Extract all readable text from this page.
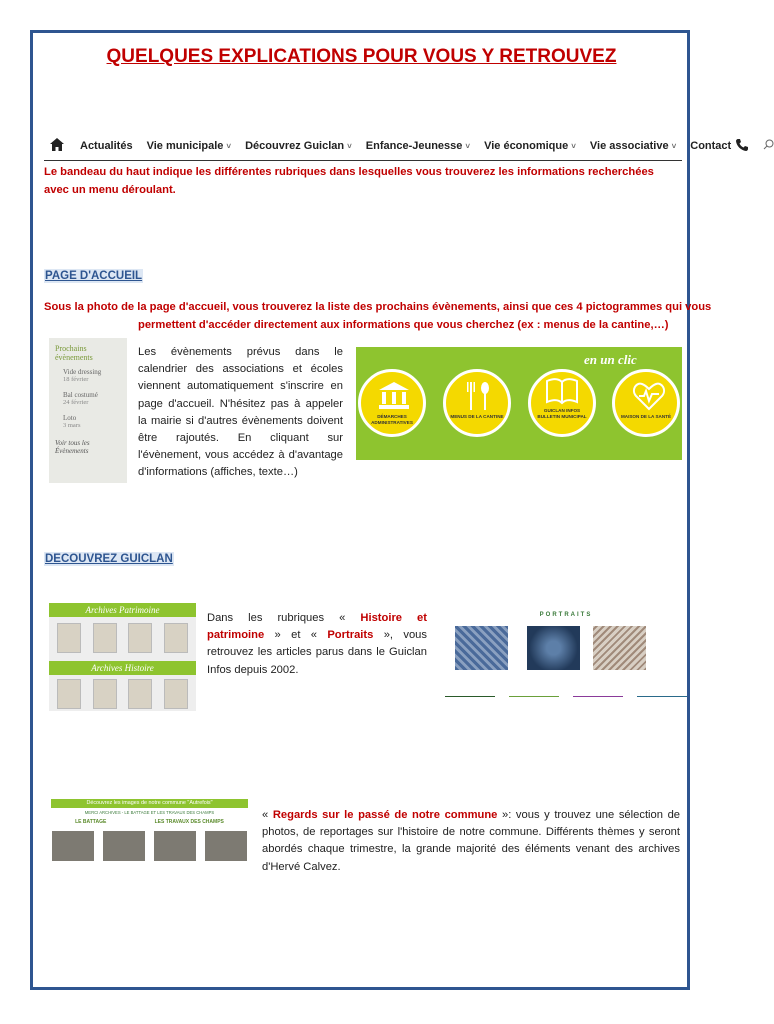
QUELQUES EXPLICATIONS POUR VOUS Y RETROUVEZ
Actualités Vie municipale ˅ Découvrez Guiclan ˅ Enfance-Jeunesse ˅ Vie économique ˅ Vie associative ˅ Contact
Le bandeau du haut indique les différentes rubriques dans lesquelles vous trouverez les informations recherchées avec un menu déroulant.
PAGE D'ACCUEIL
Sous la photo de la page d'accueil, vous trouverez la liste des prochains évènements, ainsi que ces 4 pictogrammes qui vous
permettent d'accéder directement aux informations que vous cherchez (ex : menus de la cantine,…)
Prochains évènements
Vide dressing
18 février
Bal costumé
24 février
Loto
3 mars
Voir tous les Évènements
Les évènements prévus dans le calendrier des associations et écoles viennent automatiquement s'inscrire en page d'accueil. N'hésitez pas à appeler la mairie si d'autres évènements doivent être rajoutés. En cliquant sur l'évènement, vous accédez à d'avantage d'informations (affiches, texte…)
en un clic
DÉMARCHES ADMINISTRATIVES
MENUS DE LA CANTINE
GUICLAN INFOS BULLETIN MUNICIPAL	MAISON DE LA SANTÉ
DECOUVREZ GUICLAN
Archives Patrimoine
Archives Histoire
Dans les rubriques « Histoire et patrimoine » et « Portraits », vous retrouvez les articles parus dans le Guiclan Infos depuis 2002.
PORTRAITS

Découvrez les images de notre commune "Autrefois"
MERCI ARCHIVES - LE BATTAGE ET LES TRAVAUX DES CHAMPS
LE BATTAGE	LES TRAVAUX DES CHAMPS
« Regards sur le passé de notre commune »: vous y trouvez une sélection de photos, de reportages sur l'histoire de notre commune. Différents thèmes y seront abordés chaque trimestre, la grande majorité des éléments venant des archives d'Hervé Calvez.
